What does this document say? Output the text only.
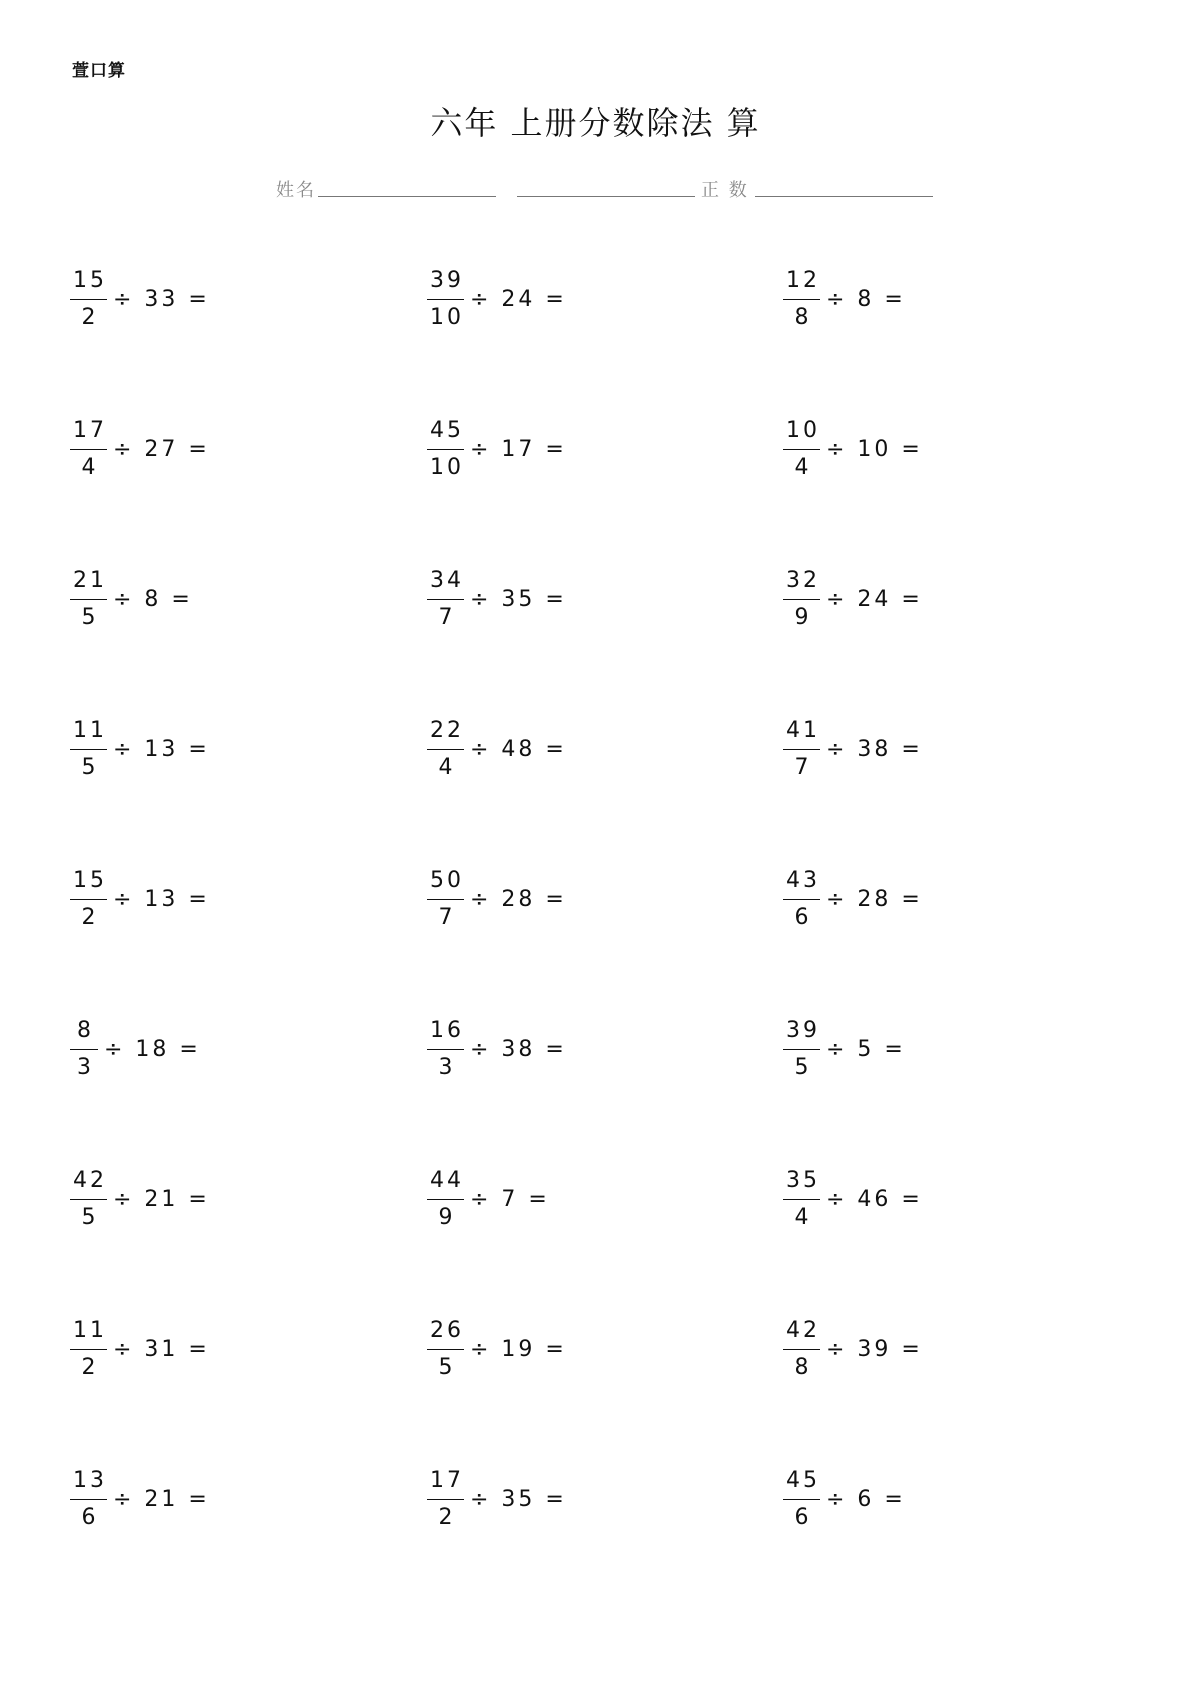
萱口算
六年 上册分数除法 算
姓名	正 数
$\frac{15}{2} \div 33$ =	$\frac{39}{10} \div 24$ =	$\frac{12}{8} \div 8$ =
$\frac{17}{4} \div 27$ =	$\frac{45}{10} \div 17$ =	$\frac{10}{4} \div 10$ =
$\frac{21}{5} \div 8$ =	$\frac{34}{7} \div 35$ =	$\frac{32}{9} \div 24$ =
$\frac{11}{5} \div 13$ =	$\frac{22}{4} \div 48$ =	$\frac{41}{7} \div 38$ =
$\frac{15}{2} \div 13$ =	$\frac{50}{7} \div 28$ =	$\frac{43}{6} \div 28$ =
$\frac{8}{3} \div 18$ =	$\frac{16}{3} \div 38$ =	$\frac{39}{5} \div 5$ =
$\frac{42}{5} \div 21$ =	$\frac{44}{9} \div 7$ =	$\frac{35}{4} \div 46$ =
$\frac{11}{2} \div 31$ =	$\frac{26}{5} \div 19$ =	$\frac{42}{8} \div 39$ =
$\frac{13}{6} \div 21$ =	$\frac{17}{2} \div 35$ =	$\frac{45}{6} \div 6$ =
